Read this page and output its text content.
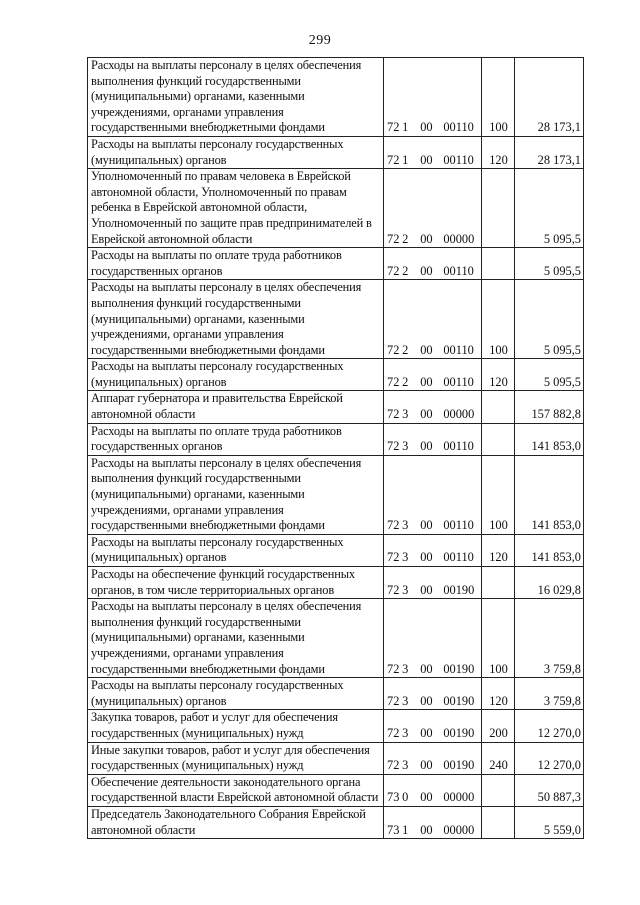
299
Расходы на выплаты персоналу в целях обеспечения выполнения функций государственными (муниципальными) органами, казенными учреждениями, органами управления государственными внебюджетными фондами	72 1 00 00110	100	28 173,1
Расходы на выплаты персоналу государственных (муниципальных) органов	72 1 00 00110	120	28 173,1
Уполномоченный по правам человека в Еврейской автономной области, Уполномоченный по правам ребенка в Еврейской автономной области, Уполномоченный по защите прав предпринимателей в Еврейской автономной области	72 2 00 00000		5 095,5
Расходы на выплаты по оплате труда работников государственных органов	72 2 00 00110		5 095,5
Расходы на выплаты персоналу в целях обеспечения выполнения функций государственными (муниципальными) органами, казенными учреждениями, органами управления государственными внебюджетными фондами	72 2 00 00110	100	5 095,5
Расходы на выплаты персоналу государственных (муниципальных) органов	72 2 00 00110	120	5 095,5
Аппарат губернатора и правительства Еврейской автономной области	72 3 00 00000		157 882,8
Расходы на выплаты по оплате труда работников государственных органов	72 3 00 00110		141 853,0
Расходы на выплаты персоналу в целях обеспечения выполнения функций государственными (муниципальными) органами, казенными учреждениями, органами управления государственными внебюджетными фондами	72 3 00 00110	100	141 853,0
Расходы на выплаты персоналу государственных (муниципальных) органов	72 3 00 00110	120	141 853,0
Расходы на обеспечение функций государственных органов, в том числе территориальных органов	72 3 00 00190		16 029,8
Расходы на выплаты персоналу в целях обеспечения выполнения функций государственными (муниципальными) органами, казенными учреждениями, органами управления государственными внебюджетными фондами	72 3 00 00190	100	3 759,8
Расходы на выплаты персоналу государственных (муниципальных) органов	72 3 00 00190	120	3 759,8
Закупка товаров, работ и услуг для обеспечения государственных (муниципальных) нужд	72 3 00 00190	200	12 270,0
Иные закупки товаров, работ и услуг для обеспечения государственных (муниципальных) нужд	72 3 00 00190	240	12 270,0
Обеспечение деятельности законодательного органа государственной власти Еврейской автономной области	73 0 00 00000		50 887,3
Председатель Законодательного Собрания Еврейской автономной области	73 1 00 00000		5 559,0
